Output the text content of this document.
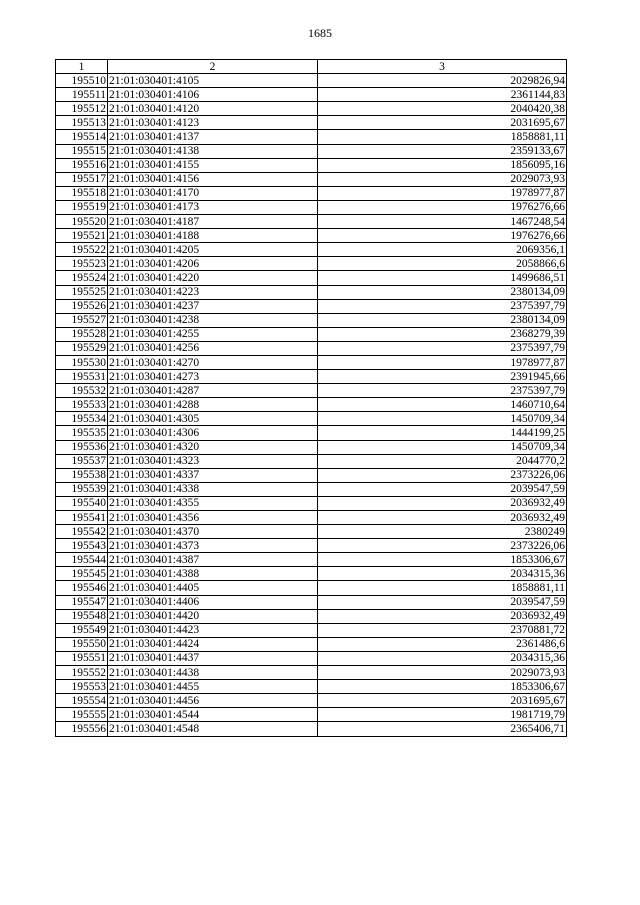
1685
1	2	3
195510	21:01:030401:4105	2029826,94
195511	21:01:030401:4106	2361144,83
195512	21:01:030401:4120	2040420,38
195513	21:01:030401:4123	2031695,67
195514	21:01:030401:4137	1858881,11
195515	21:01:030401:4138	2359133,67
195516	21:01:030401:4155	1856095,16
195517	21:01:030401:4156	2029073,93
195518	21:01:030401:4170	1978977,87
195519	21:01:030401:4173	1976276,66
195520	21:01:030401:4187	1467248,54
195521	21:01:030401:4188	1976276,66
195522	21:01:030401:4205	2069356,1
195523	21:01:030401:4206	2058866,6
195524	21:01:030401:4220	1499686,51
195525	21:01:030401:4223	2380134,09
195526	21:01:030401:4237	2375397,79
195527	21:01:030401:4238	2380134,09
195528	21:01:030401:4255	2368279,39
195529	21:01:030401:4256	2375397,79
195530	21:01:030401:4270	1978977,87
195531	21:01:030401:4273	2391945,66
195532	21:01:030401:4287	2375397,79
195533	21:01:030401:4288	1460710,64
195534	21:01:030401:4305	1450709,34
195535	21:01:030401:4306	1444199,25
195536	21:01:030401:4320	1450709,34
195537	21:01:030401:4323	2044770,2
195538	21:01:030401:4337	2373226,06
195539	21:01:030401:4338	2039547,59
195540	21:01:030401:4355	2036932,49
195541	21:01:030401:4356	2036932,49
195542	21:01:030401:4370	2380249
195543	21:01:030401:4373	2373226,06
195544	21:01:030401:4387	1853306,67
195545	21:01:030401:4388	2034315,36
195546	21:01:030401:4405	1858881,11
195547	21:01:030401:4406	2039547,59
195548	21:01:030401:4420	2036932,49
195549	21:01:030401:4423	2370881,72
195550	21:01:030401:4424	2361486,6
195551	21:01:030401:4437	2034315,36
195552	21:01:030401:4438	2029073,93
195553	21:01:030401:4455	1853306,67
195554	21:01:030401:4456	2031695,67
195555	21:01:030401:4544	1981719,79
195556	21:01:030401:4548	2365406,71
